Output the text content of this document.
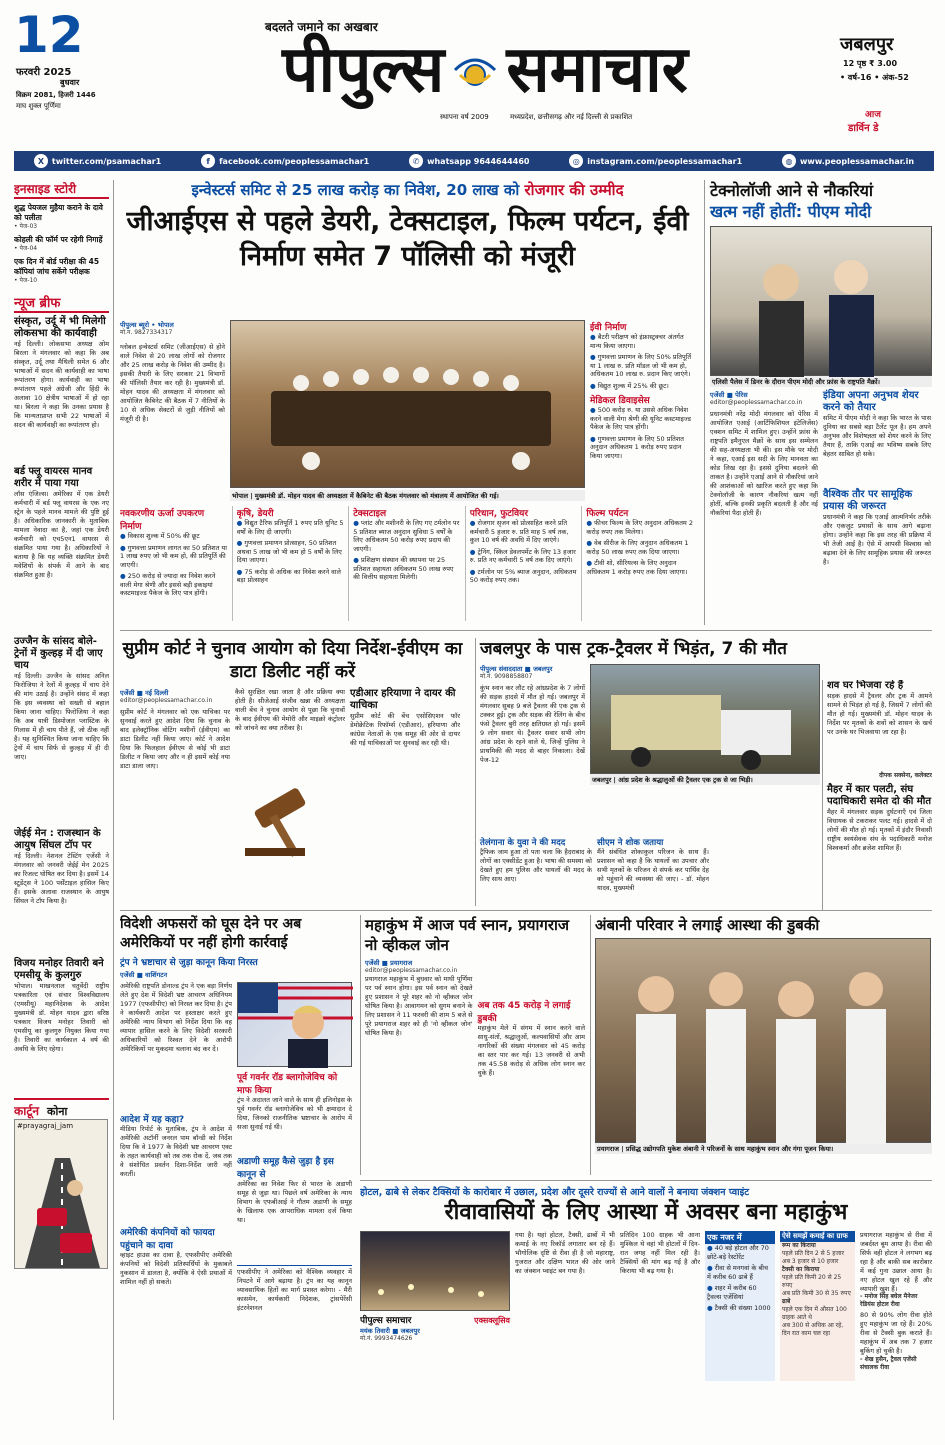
12
फरवरी 2025
बुधवार
विक्रम 2081, हिजरी 1446
माघ शुक्ल पूर्णिमा
बदलते जमाने का अखबार
पीपुल्स समाचार
स्थापना वर्ष 2009	मध्यप्रदेश, छत्तीसगढ़ और नई दिल्ली से प्रकाशित
जबलपुर
12 पृष्ठ ₹ 3.00
• वर्ष-16 • अंक-52
आज
डार्विन डे
X twitter.com/psamachar1	f	facebook.com/peoplessamachar1	✆ whatsapp 9644644460	◎ instagram.com/peoplessamachar1	◍ www.peoplessamachar.in
इनसाइड स्टोरी
शुद्ध पेयजल मुहैया कराने के दावे को पलीता
• पेज-03
कोहली की फॉर्म पर रहेगी निगाहें
• पेज-04
एक दिन में बोर्ड परीक्षा की 45 कॉपियां जांच सकेंगे परीक्षक
• पेज-10
न्यूज ब्रीफ
संस्कृत, उर्दू में भी मिलेगी लोकसभा की कार्यवाही
नई दिल्ली। लोकसभा अध्यक्ष ओम बिरला ने मंगलवार को कहा कि अब संस्कृत, उर्दू तथा मैथिली समेत 6 और भाषाओं में सदन की कार्यवाही का भाषा रूपांतरण होगा। कार्यवाही का भाषा रूपांतरण पहले अंग्रेजी और हिंदी के अलावा 10 क्षेत्रीय भाषाओं में हो रहा था। बिरला ने कहा कि उनका प्रयास है कि मान्यताप्राप्त सभी 22 भाषाओं में सदन की कार्यवाही का रूपांतरण हो।
बर्ड फ्लू वायरस मानव शरीर में पाया गया
लॉस एंजिल्स। अमेरिका में एक डेयरी कर्मचारी में बर्ड फ्लू वायरस के एक नए स्ट्रेन के पहले मानव मामले की पुष्टि हुई है। अधिकारिक जानकारी के मुताबिक मामला नेवादा का है, जहां एक डेयरी कर्मचारी को एच5एन1 वायरस से संक्रमित पाया गया है। अधिकारियों ने बताया है कि यह व्यक्ति संक्रमित डेयरी मवेशियों के संपर्क में आने के बाद संक्रमित हुआ है।
उज्जैन के सांसद बोले-ट्रेनों में कुल्हड़ में दी जाए चाय
नई दिल्ली। उज्जैन के सांसद अनिल फिरोजिया ने रेलों में कुल्हड़ में चाय देने की मांग उठाई है। उन्होंने संसद में कहा कि इस व्यवस्था को सख्ती से बहाल किया जाना चाहिए। फिरोजिया ने कहा कि अब यात्री डिस्पोजल प्लास्टिक के गिलास में ही चाय पीते हैं, जो ठीक नहीं है। यह सुनिश्चित किया जाना चाहिए कि ट्रेनों में चाय सिर्फ से कुल्हड़ में ही दी जाए।
जेईई मेन : राजस्थान के आयुष सिंघल टॉप पर
नई दिल्ली। नेशनल टेस्टिंग एजेंसी ने मंगलवार को जनवरी जेईई मेन 2025 का रिजल्ट घोषित कर दिया है। इसमें 14 स्टूडेंट्स ने 100 पर्सेंटाइल हासिल किए हैं। इसके अलावा राजस्थान के आयुष सिंघल ने टॉप किया है।
विजय मनोहर तिवारी बने एमसीयू के कुलगुरु
भोपाल। माखनलाल चतुर्वेदी राष्ट्रीय पत्रकारिता एवं संचार विश्वविद्यालय (एमसीयू) महानिदेशक के आदेश मुख्यमंत्री डॉ. मोहन यादव द्वारा वरिष्ठ पत्रकार विजय मनोहर तिवारी को एमसीयू का कुलगुरु नियुक्त किया गया है। तिवारी का कार्यकाल 4 वर्ष की अवधि के लिए रहेगा।
कार्टून कोना
#prayagraj_jam
इन्वेस्टर्स समिट से 25 लाख करोड़ का निवेश, 20 लाख को रोजगार की उम्मीद
जीआईएस से पहले डेयरी, टेक्सटाइल, फिल्म पर्यटन, ईवी निर्माण समेत 7 पॉलिसी को मंजूरी
पीपुल्स ब्यूरो • भोपाल
मो.न. 9827334317
ग्लोबल इन्वेस्टर्स समिट (जीआईएस) से होने वाले निवेश से 20 लाख लोगों को रोजगार और 25 लाख करोड़ के निवेश की उम्मीद है। इसकी तैयारी के लिए सरकार 21 विभागों की पॉलिसी तैयार कर रही है। मुख्यमंत्री डॉ. मोहन यादव की अध्यक्षता में मंगलवार को आयोजित कैबिनेट की बैठक में 7 नीतियों के 10 से अधिक सेक्टरों से जुड़ी नीतियों को मंजूरी दी है।
भोपाल | मुख्यमंत्री डॉ. मोहन यादव की अध्यक्षता में कैबिनेट की बैठक मंगलवार को मंत्रालय में आयोजित की गई।
ईवी निर्माण
● बैटरी परीक्षण को इंफ्रास्ट्रक्चर अंतर्गत मान्य किया जाएगा।
● गुणवत्ता प्रमाणन के लिए 50% प्रतिपूर्ति या 1 लाख रु. प्रति मॉडल जो भी कम हो, अधिकतम 10 लाख रु. प्रदान किए जाएंगे।
● विद्युत शुल्क में 25% की छूट।
मेडिकल डिवाइसेस
● 500 करोड़ रु. या उससे अधिक निवेश करने वाली मेगा श्रेणी की यूनिट कस्टमाइज्ड पैकेज के लिए पात्र होंगी।
● गुणवत्ता प्रमाणन के लिए 50 प्रतिशत अनुदान अधिकतम 1 करोड़ रुपए प्रदान किया जाएगा।
नवकरणीय ऊर्जा उपकरण निर्माण
● विकास शुल्क में 50% की छूट
● गुणवत्ता प्रमाणन लागत का 50 प्रतिशत या 1 लाख रुपए जो भी कम हो, की प्रतिपूर्ति की जाएगी।
● 250 करोड़ से ज्यादा का निवेश करने वाली मेगा श्रेणी और इससे बड़ी इकाइयां कस्टमाइज्ड पैकेज के लिए पात्र होंगी।
कृषि, डेयरी
● विद्युत टैरिफ प्रतिपूर्ति 1 रुपए प्रति यूनिट 5 वर्षों के लिए दी जाएगी।
● गुणवत्ता प्रमाणन प्रोत्साहन, 50 प्रतिशत अथवा 5 लाख जो भी कम हो 5 वर्षों के लिए दिया जाएगा।
● 75 करोड़ से अधिक का निवेश करने वाले बड़ा प्रोत्साहन
टेक्सटाइल
● प्लांट और मशीनरी के लिए गए टर्मलोन पर 5 प्रतिशत ब्याज अनुदान सुविधा 5 वर्षों के लिए अधिकतम 50 करोड़ रुपए प्रदाय की जाएगी।
● प्रशिक्षण संस्थान की स्थापना पर 25 प्रतिशत सहायता अधिकतम 50 लाख रुपए की वित्तीय सहायता मिलेगी।
परिधान, फुटवियर
● रोजगार सृजन को प्रोत्साहित करने प्रति कर्मचारी 5 हजार रु. प्रति माह 5 वर्ष तक, कुल 10 वर्ष की अवधि में दिए जाएंगे।
● ट्रेनिंग, स्किल डेवलपमेंट के लिए 13 हजार रु. प्रति नए कर्मचारी 5 वर्ष तक दिए जाएंगे।
● टर्मलोन पर 5% ब्याज अनुदान, अधिकतम 50 करोड़ रुपए तक।
फिल्म पर्यटन
● फीचर फिल्म के लिए अनुदान अधिकतम 2 करोड़ रुपए तक मिलेगा।
● वेब सीरीज के लिए अनुदान अधिकतम 1 करोड़ 50 लाख रुपए तक दिया जाएगा।
● टीवी शो, सीरियल्स के लिए अनुदान अधिकतम 1 करोड़ रुपए तक दिया जाएगा।
टेक्नोलॉजी आने से नौकरियां
खत्म नहीं होतीं: पीएम मोदी
एलिसी पैलेस में डिनर के दौरान पीएम मोदी और फ्रांस के राष्ट्रपति मैक्रों।
एजेंसी ■ पेरिस
editor@peoplessamachar.co.in
प्रधानमंत्री नरेंद्र मोदी मंगलवार को पेरिस में आयोजित एआई (आर्टिफिशियल इंटेलिजेंस) एक्शन समिट में शामिल हुए। उन्होंने फ्रांस के राष्ट्रपति इमैनुएल मैक्रों के साथ इस सम्मेलन की सह-अध्यक्षता भी की। इस मौके पर मोदी ने कहा, एआई इस सदी के लिए मानवता का कोड लिख रहा है। इससे दुनिया बदलने की ताकत है। उन्होंने एआई आने से नौकरियां जाने की आशंकाओं को खारिज करते हुए कहा कि टेक्नोलॉजी के कारण नौकरियां खत्म नहीं होतीं, बल्कि इनकी प्रकृति बदलती है और नई नौकरियां पैदा होती हैं।
इंडिया अपना अनुभव शेयर करने को तैयार
समिट में पीएम मोदी ने कहा कि भारत के पास दुनिया का सबसे बड़ा टैलेंट पूल है। हम अपने अनुभव और विशेषज्ञता को शेयर करने के लिए तैयार हैं, ताकि एआई का भविष्य सबके लिए बेहतर साबित हो सके।
वैश्विक तौर पर सामूहिक प्रयास की जरूरत
प्रधानमंत्री ने कहा कि एआई आत्मनिर्भर तरीके और एकजुट प्रयासों के साथ आगे बढ़ाना होगा। उन्होंने कहा कि इस तरह की प्रक्रिया में भी तेजी आई है। ऐसे में आपसी विश्वास को बढ़ावा देने के लिए सामूहिक प्रयास की जरूरत है।
सुप्रीम कोर्ट ने चुनाव आयोग को दिया निर्देश-ईवीएम का डाटा डिलीट नहीं करें
एजेंसी ■ नई दिल्ली
editor@peoplessamachar.co.in
सुप्रीम कोर्ट ने मंगलवार को एक याचिका पर सुनवाई करते हुए आदेश दिया कि चुनाव के बाद इलेक्ट्रॉनिक वोटिंग मशीनों (ईवीएम) का डाटा डिलीट नहीं किया जाए। कोर्ट ने आदेश दिया कि फिलहाल ईवीएम से कोई भी डाटा डिलीट न किया जाए और न ही इसमें कोई नया डाटा डाला जाए।
कैसे सुरक्षित रखा जाता है और प्रक्रिया क्या होती है। सीजेआई संजीव खन्ना की अध्यक्षता वाली बेंच ने चुनाव आयोग से पूछा कि चुनावों के बाद ईवीएम की मेमोरी और माइक्रो कंट्रोलर को जांचने का क्या तरीका है।
एडीआर हरियाणा ने दायर की याचिका
सुप्रीम कोर्ट की बेंच एसोसिएशन फॉर डेमोक्रेटिक रिफॉर्म्स (एडीआर), हरियाणा और कांग्रेस नेताओं के एक समूह की ओर से दायर की गई याचिकाओं पर सुनवाई कर रही थी।
जबलपुर के पास ट्रक-ट्रैवलर में भिड़ंत, 7 की मौत
पीपुल्स संवाददाता ■ जबलपुर
मो.नं. 9098858807
कुंभ स्नान कर लौट रहे आंध्रप्रदेश के 7 लोगों की सड़क हादसे में मौत हो गई। जबलपुर में मंगलवार सुबह 9 बजे ट्रैवलर की एक ट्रक से टक्कर हुई। ट्रक और सड़क की रेलिंग के बीच फंसे ट्रैवलर बुरी तरह क्षतिग्रस्त हो गई। इसमें 9 लोग सवार थे। ट्रैवलर सवार सभी लोग आंध्र प्रदेश के रहने वाले थे, जिन्हें पुलिस ने प्राथमिकी की मदद से बाहर निकाला। देखें पेज-12
जबलपुर | आंध्र प्रदेश के श्रद्धालुओं की ट्रैवलर एक ट्रक से जा भिड़ी।
तेलंगाना के युवा ने की मदद
ट्रैफिक जाम हुआ तो पता चला कि हैदराबाद के लोगों का एक्सीडेंट हुआ है। भाषा की समस्या को देखते हुए हम पुलिस और घायलों की मदद के लिए साथ आए।
सीएम ने शोक जताया
मैंने संबंधित शोकाकुल परिजन के साथ हैं। प्रशासन को कहा है कि घायलों का उपचार और सभी मृतकों के परिजन से संपर्क कर पार्थिव देह को पहुंचाने की व्यवस्था की जाए। - डॉ. मोहन यादव, मुख्यमंत्री
शव घर भिजवा रहे हैं
सड़क हादसे में ट्रैवलर और ट्रक में आमने सामने से भिड़ंत हो गई है, जिसमें 7 लोगों की मौत हो गई। मुख्यमंत्री डॉ. मोहन यादव के निर्देश पर मृतकों के शवों को शासन के खर्च पर उनके घर भिजवाया जा रहा है।
दीपक सक्सेना, कलेक्टर
मैहर में कार पलटी, संघ पदाधिकारी समेत दो की मौत
मैहर में मंगलवार सड़क दुर्घटनाएँ एवं जिला विधायक से टकराकर पलट गई। हादसे में दो लोगों की मौत हो गई। मृतकों में इंदौर निवासी राष्ट्रीय स्वयंसेवक संघ के पदाधिकारी मनोज विश्वकर्मा और ब्रजेश शामिल हैं।
विदेशी अफसरों को घूस देने पर अब अमेरिकियों पर नहीं होगी कार्रवाई
ट्रंप ने भ्रष्टाचार से जुड़ा कानून किया निरस्त
एजेंसी ■ वाशिंगटन
अमेरिकी राष्ट्रपति डोनाल्ड ट्रंप ने एक बड़ा निर्णय लेते हुए देश में विदेशी भ्रष्ट आचरण अधिनियम 1977 (एफसीपीए) को निरस्त कर दिया है। ट्रंप ने कार्यकारी आदेश पर हस्ताक्षर करते हुए अमेरिकी न्याय विभाग को निर्देश दिया कि वह व्यापार हासिल करने के लिए विदेशी सरकारी अधिकारियों को रिश्वत देने के आरोपी अमेरिकियों पर मुकदमा चलाना बंद कर दे।
आदेश में यह कहा?
मीडिया रिपोर्ट के मुताबिक, ट्रंप ने आदेश में अमेरिकी अटॉर्नी जनरल पाम बॉन्डी को निर्देश दिया कि वे 1977 के विदेशी भ्रष्ट आचरण एक्ट के तहत कार्यवाही को तब तक रोक दें, जब तक वे संशोधित प्रवर्तन दिशा-निर्देश जारी नहीं करतीं।
अमेरिकी कंपनियों को फायदा पहुंचाने का दावा
व्हाइट हाउस का दावा है, एफसीपीए अमेरिकी कंपनियों को विदेशी प्रतिस्पर्धियों के मुकाबले नुकसान में डालता है, क्योंकि वे ऐसी प्रथाओं में शामिल नहीं हो सकते।
पूर्व गवर्नर रॉड ब्लागोजेविच को माफ किया
ट्रंप ने अदालत जाने वाले के साथ ही इलिनोइस के पूर्व गवर्नर रॉड ब्लागोजेविच को भी क्षमादान दे दिया, जिनको राजनीतिक भ्रष्टाचार के आरोप में सजा सुनाई गई थी।
अडाणी समूह कैसे जुड़ा है इस कानून से
अमेरिका का निवेश फिर से भारत के अडाणी समूह से जुड़ा था। पिछले वर्ष अमेरिका के न्याय विभाग के एफबीआई ने गौतम अडाणी के समूह के खिलाफ एक आपराधिक मामला दर्ज किया था।
एफसीपीए ने अमेरिका को वैश्विक व्यवहार में निपटने में आगे बढ़ाया है। ट्रंप का यह कानून व्यावसायिक हितों का मार्ग प्रशस्त करेगा। - मैरी कासमेन, कार्यकारी निदेशक, ट्रांसपेरेंसी इंटरनेशनल
महाकुंभ में आज पर्व स्नान, प्रयागराज नो व्हीकल जोन
एजेंसी ■ प्रयागराज
editor@peoplessamachar.co.in
प्रयागराज महाकुंभ में बुधवार को माघी पूर्णिमा पर पर्व स्नान होगा। इस पर्व स्नान को देखते हुए प्रशासन ने पूरे शहर को नो व्हीकल जोन घोषित किया है। आवागमन को सुगम बनाने के लिए प्रशासन ने 11 फरवरी की शाम 5 बजे से पूरे प्रयागराज शहर को ही 'नो व्हीकल जोन' घोषित किया है।
अब तक 45 करोड़ ने लगाई डुबकी
महाकुंभ मेले में संगम में स्नान करने वाले साधु-संतों, श्रद्धालुओं, कल्पवासियों और आम नागरिकों की संख्या मंगलवार को 45 करोड़ का स्तर पार कर गई। 13 जनवरी से अभी तक 45.58 करोड़ से अधिक लोग स्नान कर चुके हैं।
अंबानी परिवार ने लगाई आस्था की डुबकी
प्रयागराज | प्रसिद्ध उद्योगपति मुकेश अंबानी ने परिजनों के साथ महाकुंभ स्नान और गंगा पूजन किया।
होटल, ढाबे से लेकर टैक्सियों के कारोबार में उछाल, प्रदेश और दूसरे राज्यों से आने वालों ने बनाया जंक्शन प्वाइंट
रीवावासियों के लिए आस्था में अवसर बना महाकुंभ
पीपुल्स समाचार	एक्सक्लूसिव
मयंक तिवारी ■ जबलपुर
मो.नं. 9993474626
गया है। यहां होटल, टैक्सी, ढाबों में भी कमाई के नए रिकॉर्ड लगातार बन रहे हैं। भौगोलिक दृष्टि से रीवा ही है जो महाराष्ट्र, गुजरात और दक्षिण भारत की ओर जाने का जंक्शन प्वाइंट बन गया है।
प्रतिदिन 100 ग्राहक भी आना मुश्किल थे वहां भी होटलों में दिन-रात जगह नहीं मिल रही है। टैक्सियों की मांग बढ़ गई है और किराया भी बढ़ गया है।
एक नजर में
● 40 बड़े होटल और 70 छोटे-बड़े रेस्टोरेंट
● रीवा से मनगवां के बीच में करीब 60 ढाबे हैं
● शहर में करीब 60 ट्रैवल्स एजेंसियां
● टैक्सी की संख्या 1000
ऐसे समझें कमाई का ग्राफ
रूम का किराया
पहले प्रति दिन 2 से 5 हजार
अब 3 हजार से 10 हजार
टैक्सी का किराया
पहले प्रति किमी 20 से 25 रुपए
अब प्रति किमी 30 से 35 रुपए
ढाबे
पहले एक दिन में औसत 100 ग्राहक आते थे
अब 300 से अधिक आ रहे, दिन रात काम चल रहा
प्रयागराज महाकुंभ से रीवा में जबर्दस्त बूम आया है। रीवा की सिर्फ वही होटल ने लगभग बढ़ रहा है और बाकी सब कारोबार में कई गुना उछाल आया है। नए होटल खुल रहे हैं और व्यापारी खुश हैं।
- मनोज सिंह बघेल मैनेजर रेडियंस होटल रीवा
80 से 90% लोग रीवा होते हुए महाकुंभ जा रहे हैं। 20% रीवा से टैक्सी बुक कराते हैं। महाकुंभ में अब तक 7 हजार बुकिंग हो चुकी है।
- शेख हुसैन, ट्रैवल एजेंसी संचालक रीवा
